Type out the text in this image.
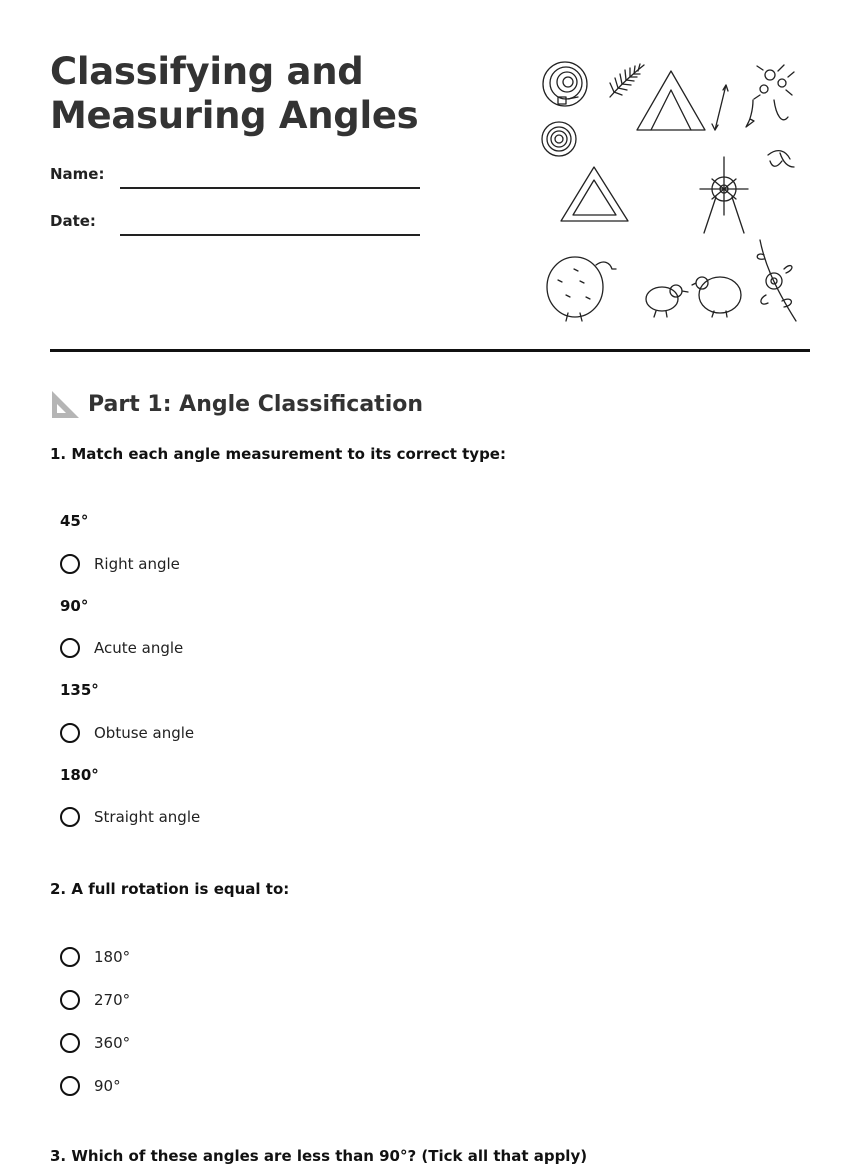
Classifying and
Measuring Angles
Name:
Date:
Part 1: Angle Classification
1. Match each angle measurement to its correct type:
45°
Right angle
90°
Acute angle
135°
Obtuse angle
180°
Straight angle
2. A full rotation is equal to:
180°
270°
360°
90°
3. Which of these angles are less than 90°? (Tick all that apply)
